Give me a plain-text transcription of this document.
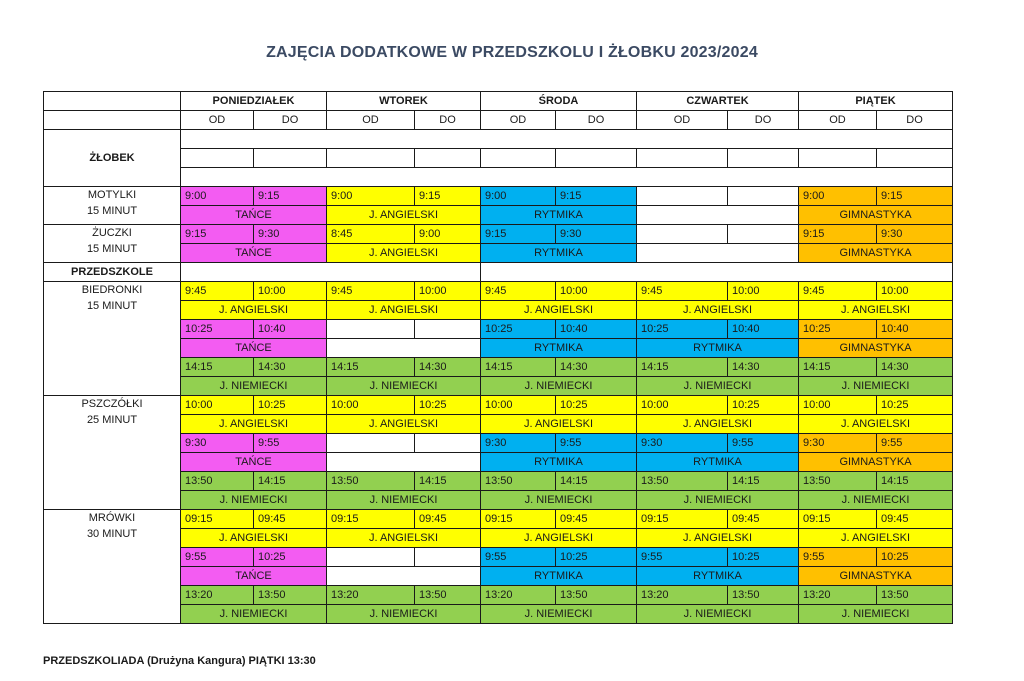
ZAJĘCIA DODATKOWE W PRZEDSZKOLU I ŻŁOBKU 2023/2024
	PONIEDZIAŁEK		WTOREK		ŚRODA		CZWARTEK		PIĄTEK	
	OD	DO	OD	DO	OD	DO	OD	DO	OD	DO
ŻŁOBEK										

MOTYLKI
15 MINUT	9:00	9:15	9:00	9:15	9:00	9:15			9:00	9:15
	TAŃCE		J. ANGIELSKI		RYTMIKA				GIMNASTYKA	
ŻUCZKI
15 MINUT	9:15	9:30	8:45	9:00	9:15	9:30			9:15	9:30
	TAŃCE		J. ANGIELSKI		RYTMIKA				GIMNASTYKA	
PRZEDSZKOLE										
BIEDRONKI
15 MINUT	9:45	10:00	9:45	10:00	9:45	10:00	9:45	10:00	9:45	10:00
	J. ANGIELSKI		J. ANGIELSKI		J. ANGIELSKI		J. ANGIELSKI		J. ANGIELSKI	
	10:25	10:40			10:25	10:40	10:25	10:40	10:25	10:40
	TAŃCE				RYTMIKA		RYTMIKA		GIMNASTYKA	
	14:15	14:30	14:15	14:30	14:15	14:30	14:15	14:30	14:15	14:30
	J. NIEMIECKI		J. NIEMIECKI		J. NIEMIECKI		J. NIEMIECKI		J. NIEMIECKI	
PSZCZÓŁKI
25 MINUT	10:00	10:25	10:00	10:25	10:00	10:25	10:00	10:25	10:00	10:25
	J. ANGIELSKI		J. ANGIELSKI		J. ANGIELSKI		J. ANGIELSKI		J. ANGIELSKI	
	9:30	9:55			9:30	9:55	9:30	9:55	9:30	9:55
	TAŃCE				RYTMIKA		RYTMIKA		GIMNASTYKA	
	13:50	14:15	13:50	14:15	13:50	14:15	13:50	14:15	13:50	14:15
	J. NIEMIECKI		J. NIEMIECKI		J. NIEMIECKI		J. NIEMIECKI		J. NIEMIECKI	
MRÓWKI
30 MINUT	09:15	09:45	09:15	09:45	09:15	09:45	09:15	09:45	09:15	09:45
	J. ANGIELSKI		J. ANGIELSKI		J. ANGIELSKI		J. ANGIELSKI		J. ANGIELSKI	
	9:55	10:25			9:55	10:25	9:55	10:25	9:55	10:25
	TAŃCE				RYTMIKA		RYTMIKA		GIMNASTYKA	
	13:20	13:50	13:20	13:50	13:20	13:50	13:20	13:50	13:20	13:50
	J. NIEMIECKI		J. NIEMIECKI		J. NIEMIECKI		J. NIEMIECKI		J. NIEMIECKI	
PRZEDSZKOLIADA (Drużyna Kangura) PIĄTKI 13:30
